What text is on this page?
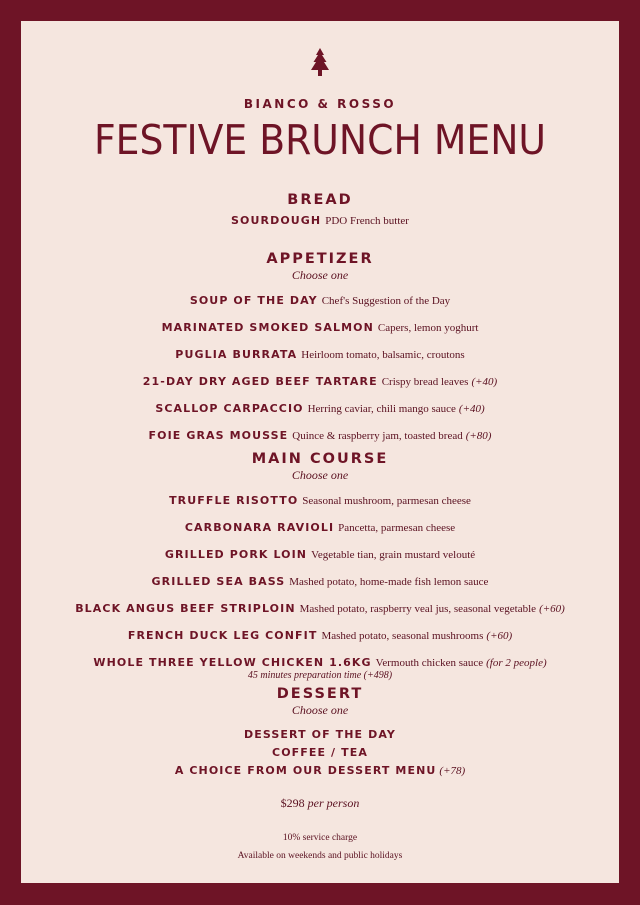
BIANCO & ROSSO
FESTIVE BRUNCH MENU
BREAD
SOURDOUGH PDO French butter
APPETIZER
Choose one
SOUP OF THE DAY Chef's Suggestion of the Day
MARINATED SMOKED SALMON Capers, lemon yoghurt
PUGLIA BURRATA Heirloom tomato, balsamic, croutons
21-DAY DRY AGED BEEF TARTARE Crispy bread leaves (+40)
SCALLOP CARPACCIO Herring caviar, chili mango sauce (+40)
FOIE GRAS MOUSSE Quince & raspberry jam, toasted bread (+80)
MAIN COURSE
Choose one
TRUFFLE RISOTTO Seasonal mushroom, parmesan cheese
CARBONARA RAVIOLI Pancetta, parmesan cheese
GRILLED PORK LOIN Vegetable tian, grain mustard velouté
GRILLED SEA BASS Mashed potato, home-made fish lemon sauce
BLACK ANGUS BEEF STRIPLOIN Mashed potato, raspberry veal jus, seasonal vegetable (+60)
FRENCH DUCK LEG CONFIT Mashed potato, seasonal mushrooms (+60)
WHOLE THREE YELLOW CHICKEN 1.6KG Vermouth chicken sauce (for 2 people)
45 minutes preparation time (+498)
DESSERT
Choose one
DESSERT OF THE DAY
COFFEE / TEA
A CHOICE FROM OUR DESSERT MENU (+78)
$298 per person
10% service charge
Available on weekends and public holidays
